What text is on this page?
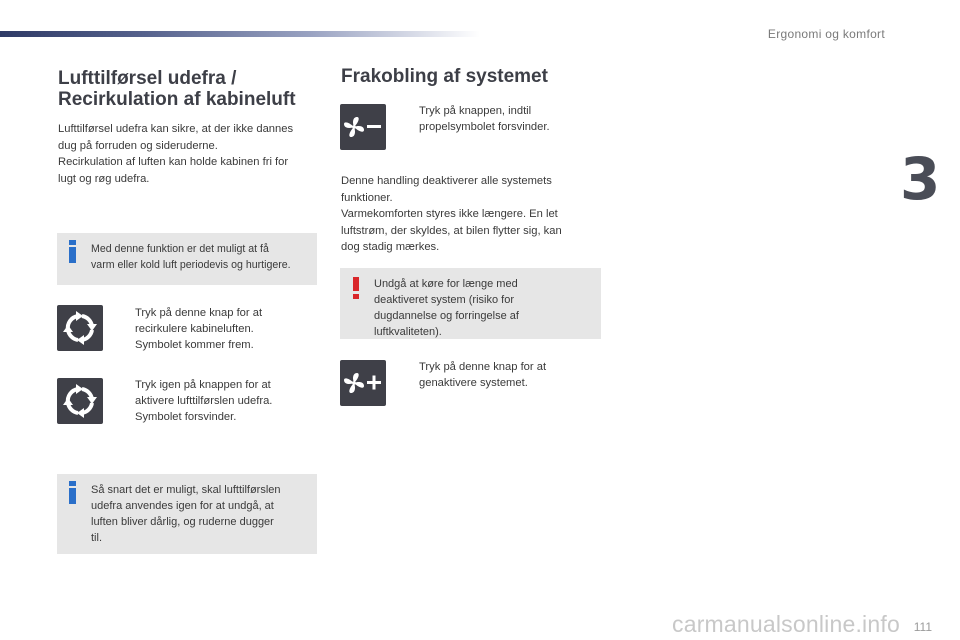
Ergonomi og komfort
3
Lufttilførsel udefra /
Recirkulation af kabineluft
Lufttilførsel udefra kan sikre, at der ikke dannes
dug på forruden og sideruderne.
Recirkulation af luften kan holde kabinen fri for
lugt og røg udefra.
Med denne funktion er det muligt at få
varm eller kold luft periodevis og hurtigere.
Tryk på denne knap for at
recirkulere kabineluften.
Symbolet kommer frem.
Tryk igen på knappen for at
aktivere lufttilførslen udefra.
Symbolet forsvinder.
Så snart det er muligt, skal lufttilførslen
udefra anvendes igen for at undgå, at
luften bliver dårlig, og ruderne dugger
til.
Frakobling af systemet
Tryk på knappen, indtil
propelsymbolet forsvinder.
Denne handling deaktiverer alle systemets
funktioner.
Varmekomforten styres ikke længere. En let
luftstrøm, der skyldes, at bilen flytter sig, kan
dog stadig mærkes.
Undgå at køre for længe med
deaktiveret system (risiko for
dugdannelse og forringelse af
luftkvaliteten).
Tryk på denne knap for at
genaktivere systemet.
111
carmanualsonline.info
